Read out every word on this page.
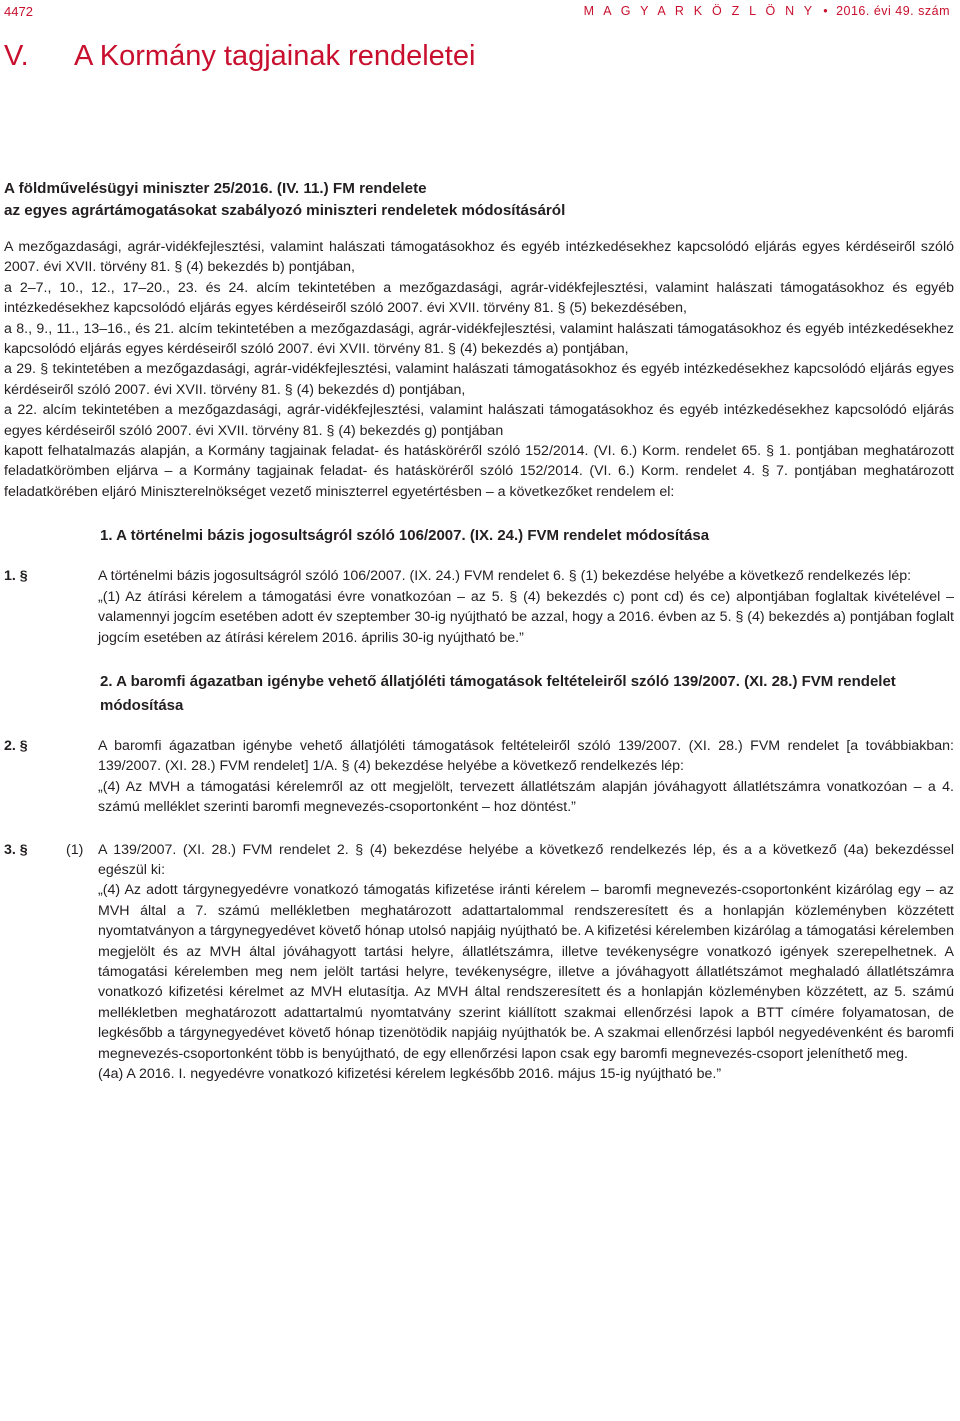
4472	M A G Y A R K Ö Z L Ö N Y  •  2016. évi 49. szám
V. A Kormány tagjainak rendeletei
A földművelésügyi miniszter 25/2016. (IV. 11.) FM rendelete
az egyes agrártámogatásokat szabályozó miniszteri rendeletek módosításáról

A mezőgazdasági, agrár-vidékfejlesztési, valamint halászati támogatásokhoz és egyéb intézkedésekhez kapcsolódó eljárás egyes kérdéseiről szóló 2007. évi XVII. törvény 81. § (4) bekezdés b) pontjában,

a 2–7., 10., 12., 17–20., 23. és 24. alcím tekintetében a mezőgazdasági, agrár-vidékfejlesztési, valamint halászati támogatásokhoz és egyéb intézkedésekhez kapcsolódó eljárás egyes kérdéseiről szóló 2007. évi XVII. törvény 81. § (5) bekezdésében,

a 8., 9., 11., 13–16., és 21. alcím tekintetében a mezőgazdasági, agrár-vidékfejlesztési, valamint halászati támogatásokhoz és egyéb intézkedésekhez kapcsolódó eljárás egyes kérdéseiről szóló 2007. évi XVII. törvény 81. § (4) bekezdés a) pontjában,

a 29. § tekintetében a mezőgazdasági, agrár-vidékfejlesztési, valamint halászati támogatásokhoz és egyéb intézkedésekhez kapcsolódó eljárás egyes kérdéseiről szóló 2007. évi XVII. törvény 81. § (4) bekezdés d) pontjában,

a 22. alcím tekintetében a mezőgazdasági, agrár-vidékfejlesztési, valamint halászati támogatásokhoz és egyéb intézkedésekhez kapcsolódó eljárás egyes kérdéseiről szóló 2007. évi XVII. törvény 81. § (4) bekezdés g) pontjában

kapott felhatalmazás alapján, a Kormány tagjainak feladat- és hatásköréről szóló 152/2014. (VI. 6.) Korm. rendelet 65. § 1. pontjában meghatározott feladatkörömben eljárva – a Kormány tagjainak feladat- és hatásköréről szóló 152/2014. (VI. 6.) Korm. rendelet 4. § 7. pontjában meghatározott feladatkörében eljáró Miniszterelnökséget vezető miniszterrel egyetértésben – a következőket rendelem el:

1. A történelmi bázis jogosultságról szóló 106/2007. (IX. 24.) FVM rendelet módosítása
1. §	A történelmi bázis jogosultságról szóló 106/2007. (IX. 24.) FVM rendelet 6. § (1) bekezdése helyébe a következő rendelkezés lép:

„(1) Az átírási kérelem a támogatási évre vonatkozóan – az 5. § (4) bekezdés c) pont cd) és ce) alpontjában foglaltak kivételével – valamennyi jogcím esetében adott év szeptember 30-ig nyújtható be azzal, hogy a 2016. évben az 5. § (4) bekezdés a) pontjában foglalt jogcím esetében az átírási kérelem 2016. április 30-ig nyújtható be.”

2. A baromfi ágazatban igénybe vehető állatjóléti támogatások feltételeiről szóló 139/2007. (XI. 28.) FVM rendelet módosítása
2. §	A baromfi ágazatban igénybe vehető állatjóléti támogatások feltételeiről szóló 139/2007. (XI. 28.) FVM rendelet [a továbbiakban: 139/2007. (XI. 28.) FVM rendelet] 1/A. § (4) bekezdése helyébe a következő rendelkezés lép:

„(4) Az MVH a támogatási kérelemről az ott megjelölt, tervezett állatlétszám alapján jóváhagyott állatlétszámra vonatkozóan – a 4. számú melléklet szerinti baromfi megnevezés-csoportonként – hoz döntést.”

3. §	(1) A 139/2007. (XI. 28.) FVM rendelet 2. § (4) bekezdése helyébe a következő rendelkezés lép, és a a következő (4a) bekezdéssel egészül ki:

„(4) Az adott tárgynegyedévre vonatkozó támogatás kifizetése iránti kérelem – baromfi megnevezés-csoportonként kizárólag egy – az MVH által a 7. számú mellékletben meghatározott adattartalommal rendszeresített és a honlapján közleményben közzétett nyomtatványon a tárgynegyedévet követő hónap utolsó napjáig nyújtható be. A kifizetési kérelemben kizárólag a támogatási kérelemben megjelölt és az MVH által jóváhagyott tartási helyre, állatlétszámra, illetve tevékenységre vonatkozó igények szerepelhetnek. A támogatási kérelemben meg nem jelölt tartási helyre, tevékenységre, illetve a jóváhagyott állatlétszámot meghaladó állatlétszámra vonatkozó kifizetési kérelmet az MVH elutasítja. Az MVH által rendszeresített és a honlapján közleményben közzétett, az 5. számú mellékletben meghatározott adattartalmú nyomtatvány szerint kiállított szakmai ellenőrzési lapok a BTT címére folyamatosan, de legkésőbb a tárgynegyedévet követő hónap tizenötödik napjáig nyújthatók be. A szakmai ellenőrzési lapból negyedévenként és baromfi megnevezés-csoportonként több is benyújtható, de egy ellenőrzési lapon csak egy baromfi megnevezés-csoport jeleníthető meg.

(4a) A 2016. I. negyedévre vonatkozó kifizetési kérelem legkésőbb 2016. május 15-ig nyújtható be.”
